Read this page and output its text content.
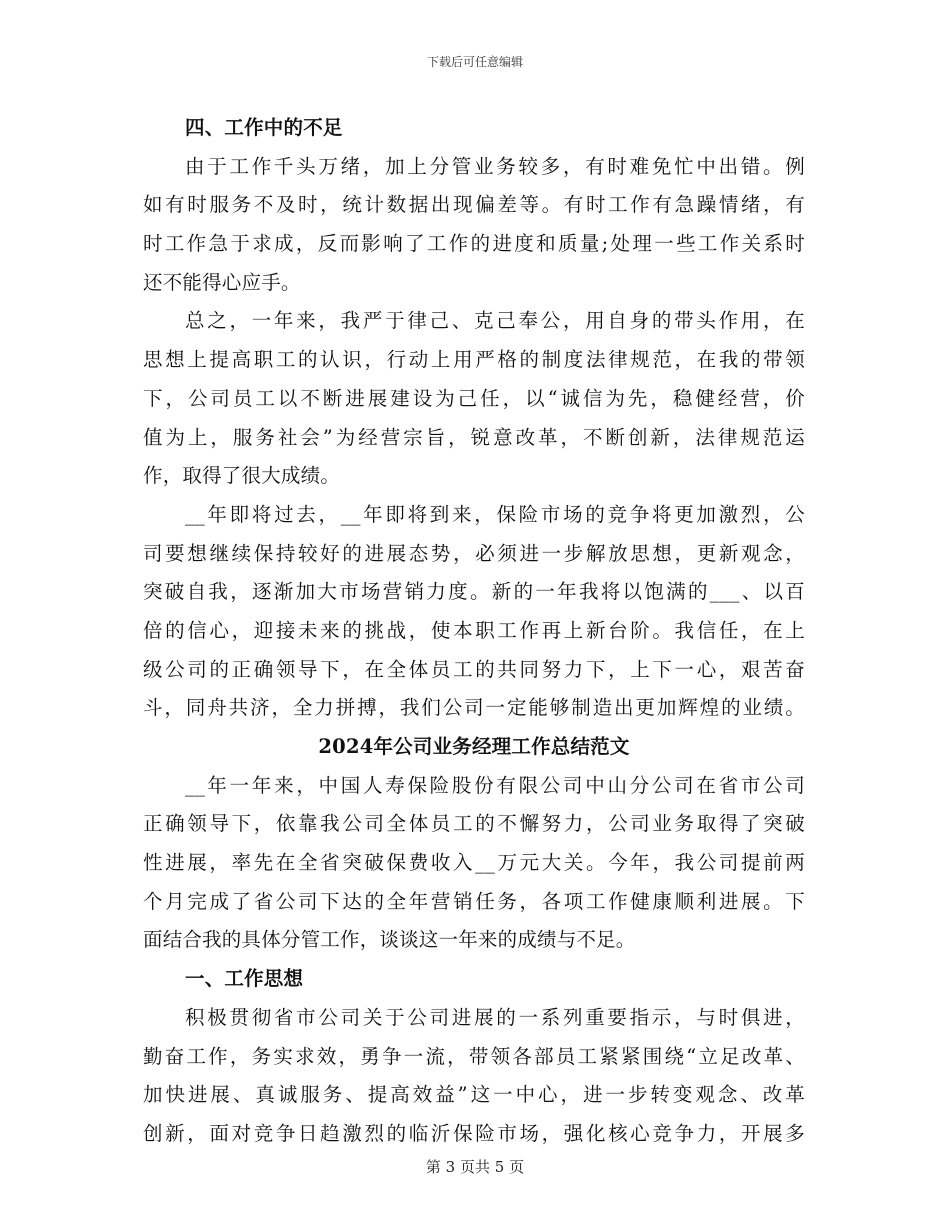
下载后可任意编辑
四、工作中的不足
由于工作千头万绪，加上分管业务较多，有时难免忙中出错。例
如有时服务不及时，统计数据出现偏差等。有时工作有急躁情绪，有
时工作急于求成，反而影响了工作的进度和质量;处理一些工作关系时
还不能得心应手。
总之，一年来，我严于律己、克己奉公，用自身的带头作用，在
思想上提高职工的认识，行动上用严格的制度法律规范，在我的带领
下，公司员工以不断进展建设为己任，以“诚信为先，稳健经营，价
值为上，服务社会”为经营宗旨，锐意改革，不断创新，法律规范运
作，取得了很大成绩。
__年即将过去，__年即将到来，保险市场的竞争将更加激烈，公
司要想继续保持较好的进展态势，必须进一步解放思想，更新观念，
突破自我，逐渐加大市场营销力度。新的一年我将以饱满的___、以百
倍的信心，迎接未来的挑战，使本职工作再上新台阶。我信任，在上
级公司的正确领导下，在全体员工的共同努力下，上下一心，艰苦奋
斗，同舟共济，全力拼搏，我们公司一定能够制造出更加辉煌的业绩。
2024年公司业务经理工作总结范文
__年一年来，中国人寿保险股份有限公司中山分公司在省市公司
正确领导下，依靠我公司全体员工的不懈努力，公司业务取得了突破
性进展，率先在全省突破保费收入__万元大关。今年，我公司提前两
个月完成了省公司下达的全年营销任务，各项工作健康顺利进展。下
面结合我的具体分管工作，谈谈这一年来的成绩与不足。
一、工作思想
积极贯彻省市公司关于公司进展的一系列重要指示，与时俱进，
勤奋工作，务实求效，勇争一流，带领各部员工紧紧围绕“立足改革、
加快进展、真诚服务、提高效益”这一中心，进一步转变观念、改革
创新，面对竞争日趋激烈的临沂保险市场，强化核心竞争力，开展多
第 3 页共 5 页
